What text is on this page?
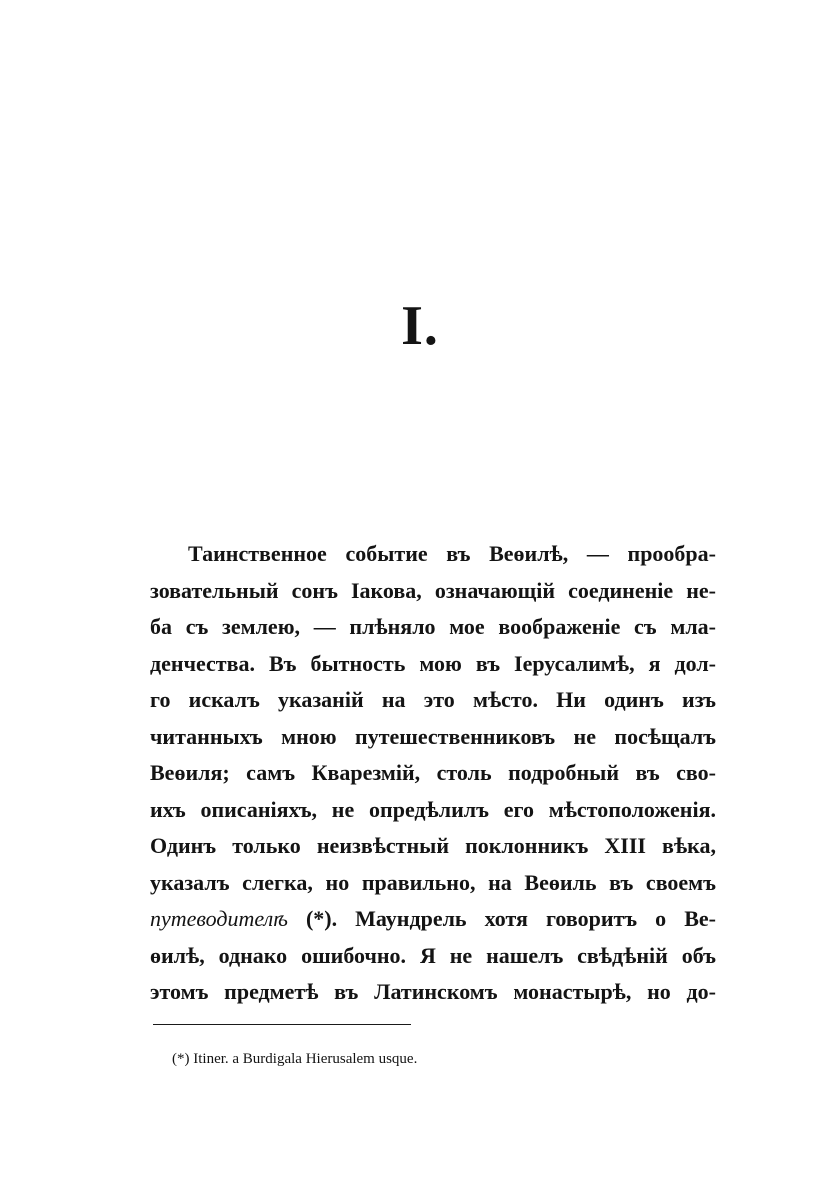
I.
Таинственное событие въ Веөилѣ, — прообра-
зовательный сонъ Іакова, означающій соединеніе не-
ба съ землею, — плѣняло мое воображеніе съ мла-
денчества. Въ бытность мою въ Іерусалимѣ, я дол-
го искалъ указаній на это мѣсто. Ни одинъ изъ
читанныхъ мною путешественниковъ не посѣщалъ
Веөиля; самъ Кварезмій, столь подробный въ сво-
ихъ описаніяхъ, не опредѣлилъ его мѣстоположенія.
Одинъ только неизвѣстный поклонникъ XIII вѣка,
указалъ слегка, но правильно, на Веөиль въ своемъ
путеводителѣ (*). Маундрель хотя говоритъ о Ве-
өилѣ, однако ошибочно. Я не нашелъ свѣдѣній объ
этомъ предметѣ въ Латинскомъ монастырѣ, но до-
(*) Itiner. a Burdigala Hierusalem usque.
